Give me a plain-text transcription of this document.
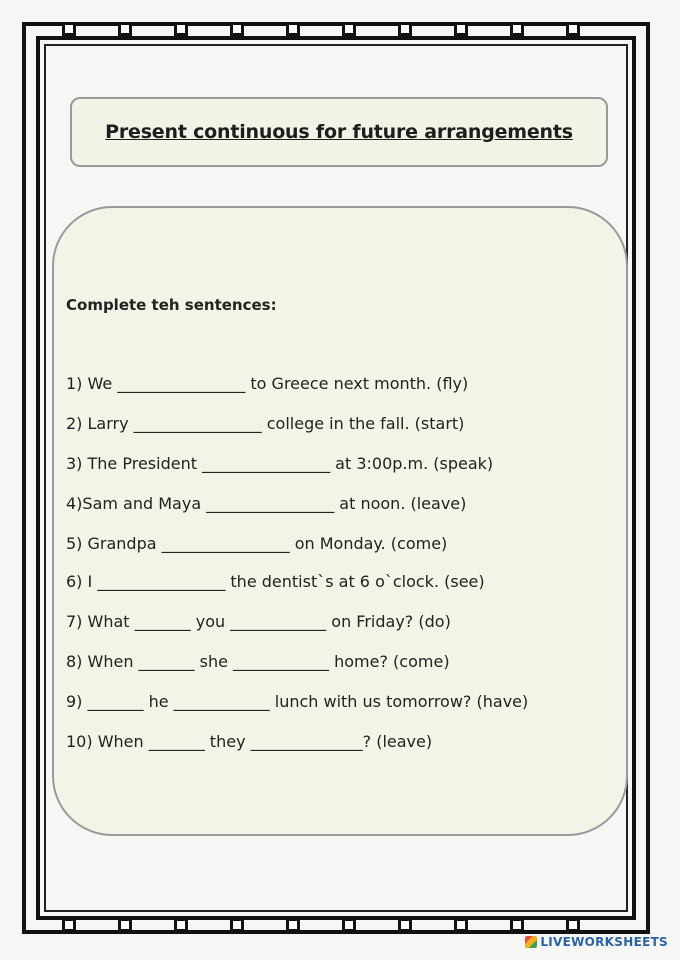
Present continuous for future arrangements
Complete teh sentences:
1) We ________________ to Greece next month. (fly)
2) Larry ________________ college in the fall. (start)
3) The President ________________ at 3:00p.m. (speak)
4)Sam and Maya ________________ at noon. (leave)
5) Grandpa ________________ on Monday. (come)
6) I ________________ the dentist`s at 6 o`clock. (see)
7) What _______ you ____________ on Friday? (do)
8) When _______ she ____________ home? (come)
9) _______ he ____________ lunch with us tomorrow? (have)
10) When _______ they ______________? (leave)
LIVEWORKSHEETS
